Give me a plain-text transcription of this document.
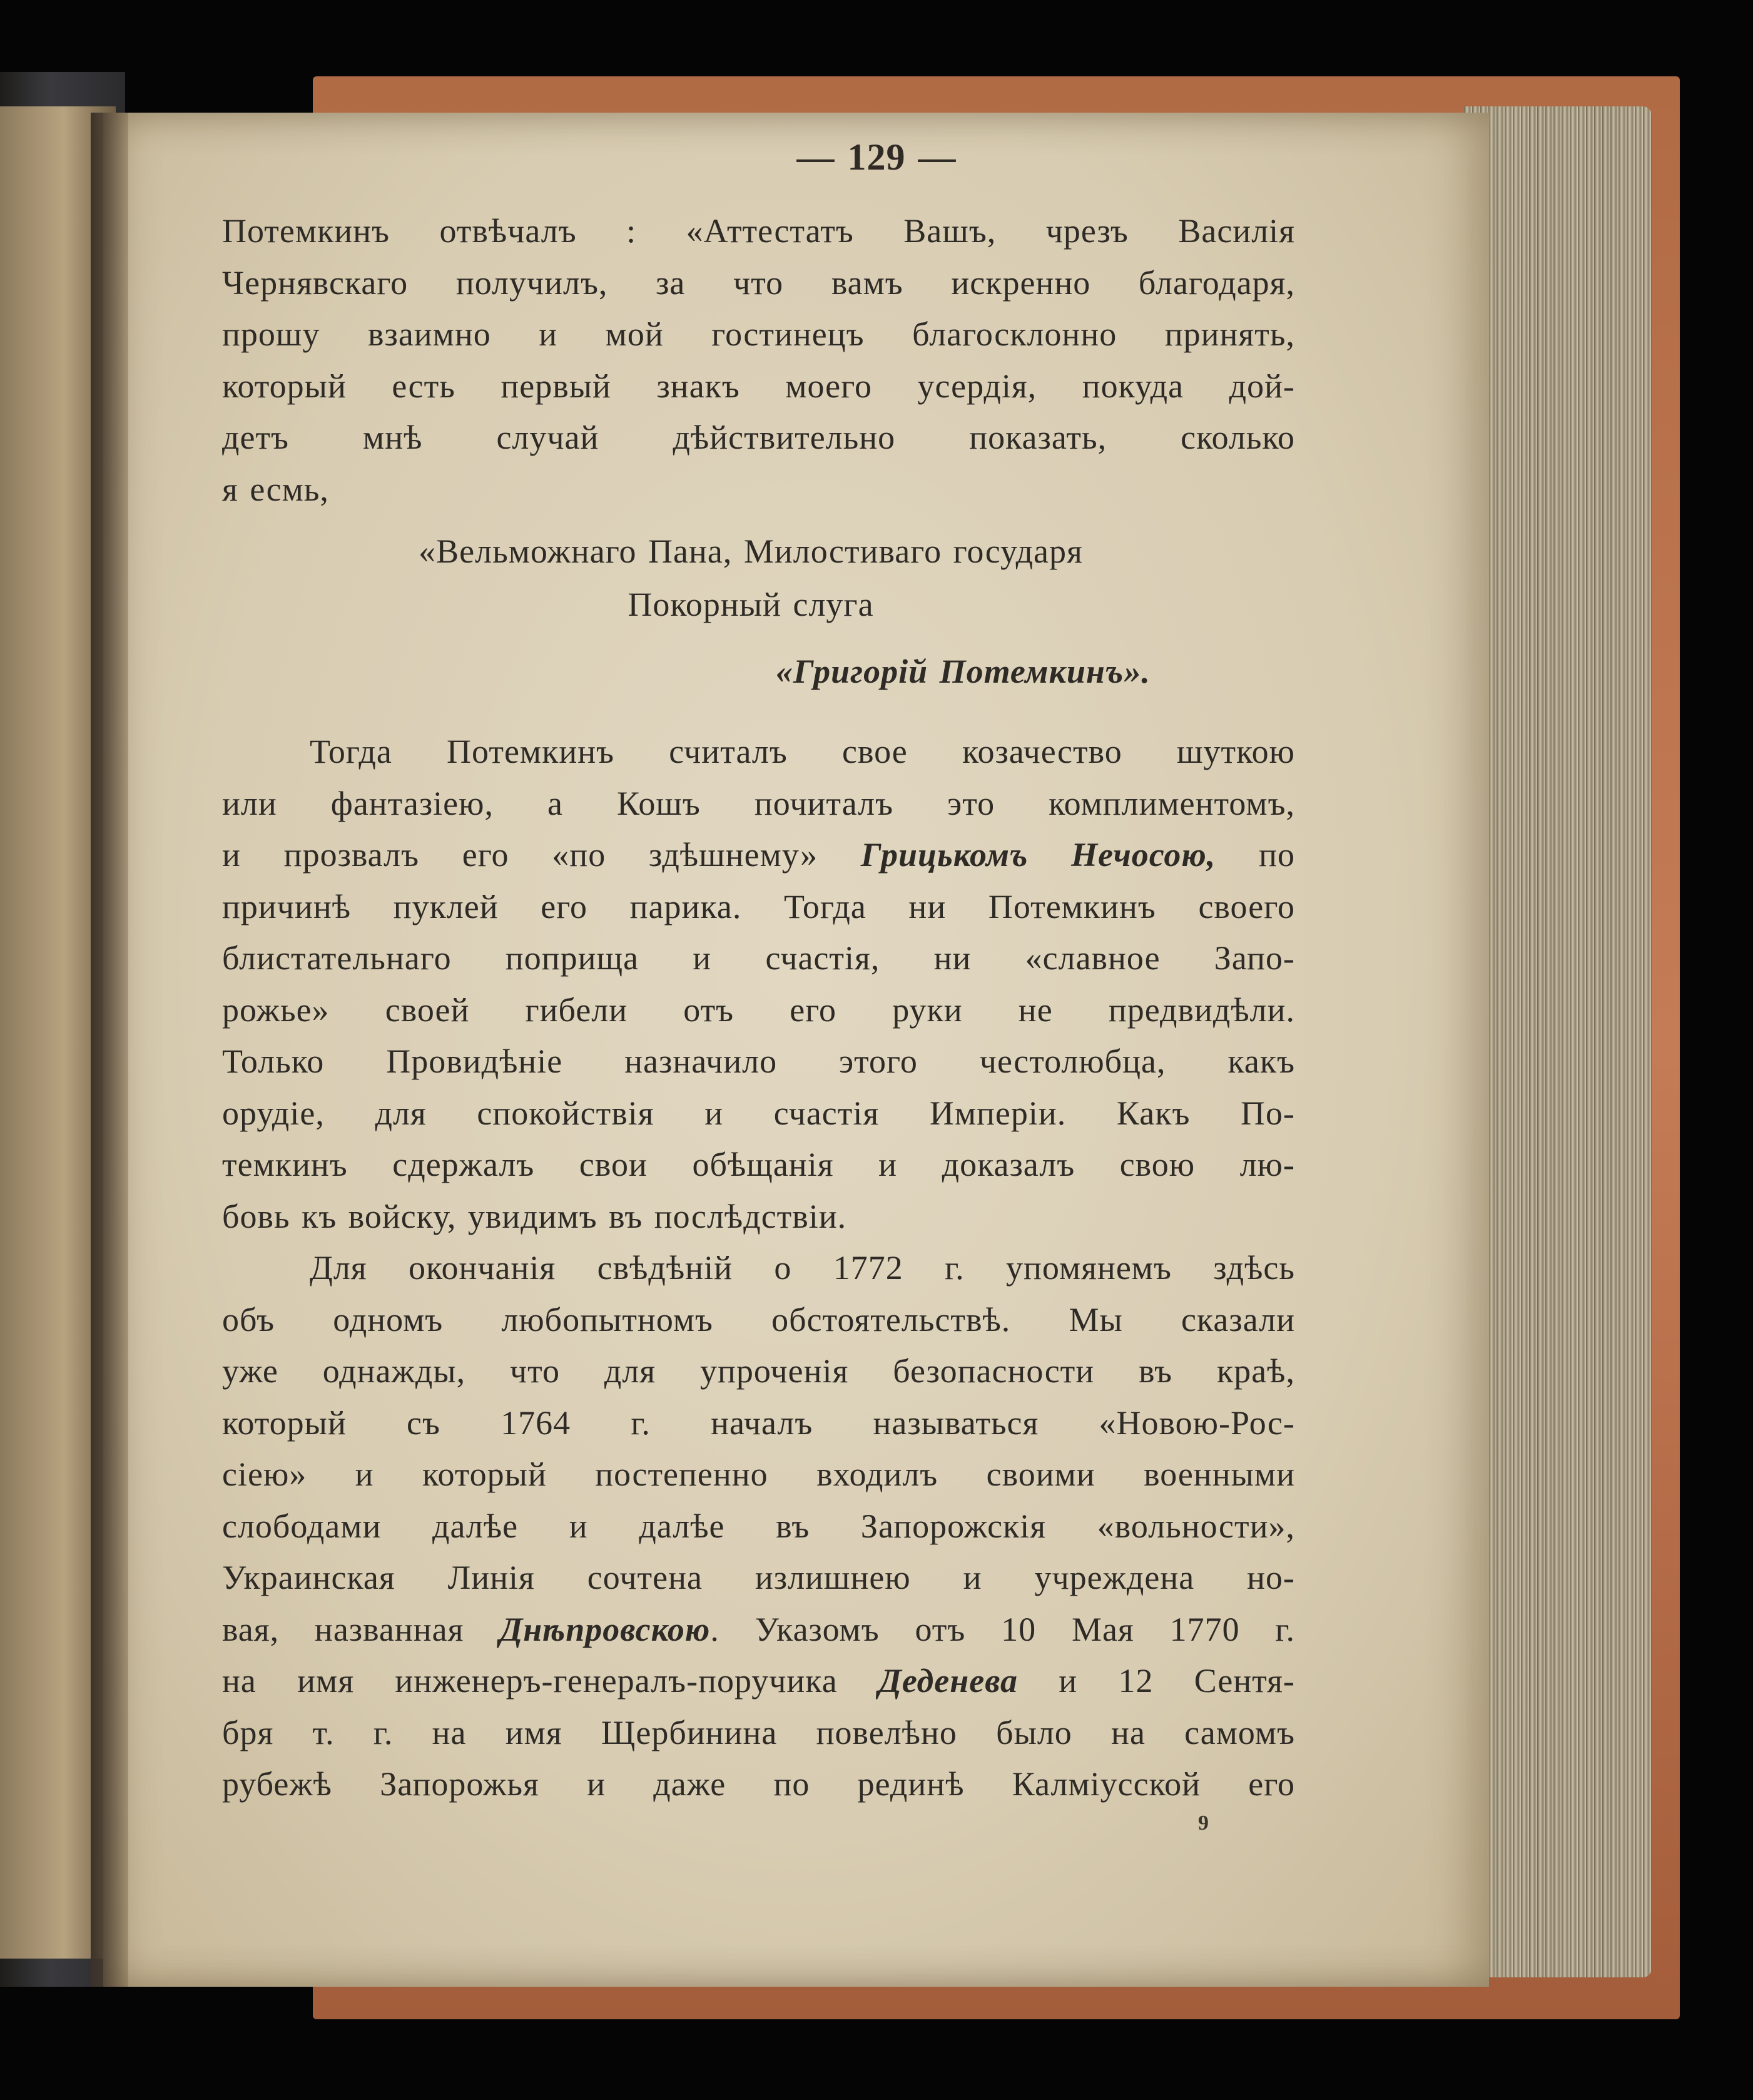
— 129 —
Потемкинъ отвѣчалъ : «Аттестатъ Вашъ, чрезъ Василія
Чернявскаго получилъ, за что вамъ искренно благодаря,
прошу взаимно и мой гостинецъ благосклонно принять,
который есть первый знакъ моего усердія, покуда дой-
детъ мнѣ случай дѣйствительно показать, сколько
я есмь,
«Вельможнаго Пана, Милостиваго государя
Покорный слуга
«Григорій Потемкинъ».
Тогда Потемкинъ считалъ свое козачество шуткою
или фантазіею, а Кошъ почиталъ это комплиментомъ,
и прозвалъ его «по здѣшнему» Грицькомъ Нечосою, по
причинѣ пуклей его парика. Тогда ни Потемкинъ своего
блистательнаго поприща и счастія, ни «славное Запо-
рожье» своей гибели отъ его руки не предвидѣли.
Только Провидѣніе назначило этого честолюбца, какъ
орудіе, для спокойствія и счастія Имперіи. Какъ По-
темкинъ сдержалъ свои обѣщанія и доказалъ свою лю-
бовь къ войску, увидимъ въ послѣдствіи.
Для окончанія свѣдѣній о 1772 г. упомянемъ здѣсь
объ одномъ любопытномъ обстоятельствѣ. Мы сказали
уже однажды, что для упроченія безопасности въ краѣ,
который съ 1764 г. началъ называться «Новою-Рос-
сіею» и который постепенно входилъ своими военными
слободами далѣе и далѣе въ Запорожскія «вольности»,
Украинская Линія сочтена излишнею и учреждена но-
вая, названная Днѣпровскою. Указомъ отъ 10 Мая 1770 г.
на имя инженеръ-генералъ-поручика Деденева и 12 Сентя-
бря т. г. на имя Щербинина повелѣно было на самомъ
рубежѣ Запорожья и даже по рединѣ Калміусской его
9
